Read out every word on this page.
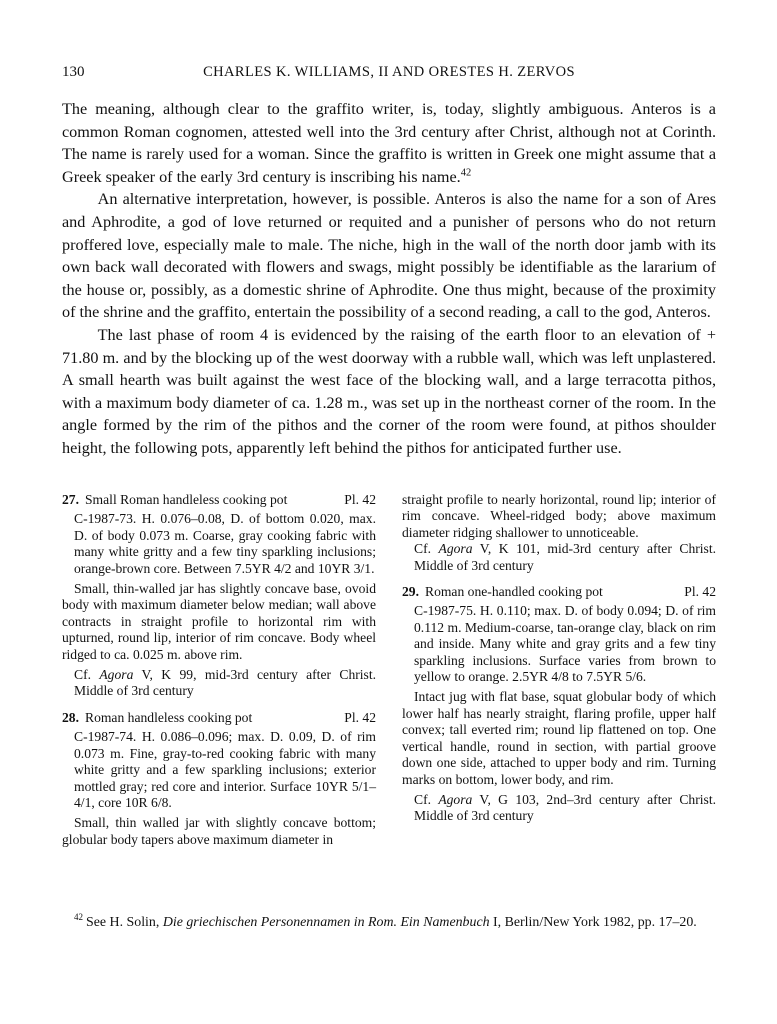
130	CHARLES K. WILLIAMS, II AND ORESTES H. ZERVOS

The meaning, although clear to the graffito writer, is, today, slightly ambiguous. Anteros is a common Roman cognomen, attested well into the 3rd century after Christ, although not at Corinth. The name is rarely used for a woman. Since the graffito is written in Greek one might assume that a Greek speaker of the early 3rd century is inscribing his name.$^{42}$

An alternative interpretation, however, is possible. Anteros is also the name for a son of Ares and Aphrodite, a god of love returned or requited and a punisher of persons who do not return proffered love, especially male to male. The niche, high in the wall of the north door jamb with its own back wall decorated with flowers and swags, might possibly be identifiable as the lararium of the house or, possibly, as a domestic shrine of Aphrodite. One thus might, because of the proximity of the shrine and the graffito, entertain the possibility of a second reading, a call to the god, Anteros.

The last phase of room 4 is evidenced by the raising of the earth floor to an elevation of + 71.80 m. and by the blocking up of the west doorway with a rubble wall, which was left unplastered. A small hearth was built against the west face of the blocking wall, and a large terracotta pithos, with a maximum body diameter of ca. 1.28 m., was set up in the northeast corner of the room. In the angle formed by the rim of the pithos and the corner of the room were found, at pithos shoulder height, the following pots, apparently left behind the pithos for anticipated further use.

27. Small Roman handleless cooking pot	Pl. 42

C-1987-73. H. 0.076–0.08, D. of bottom 0.020, max. D. of body 0.073 m. Coarse, gray cooking fabric with many white gritty and a few tiny sparkling inclusions; orange-brown core. Between 7.5YR 4/2 and 10YR 3/1.

Small, thin-walled jar has slightly concave base, ovoid body with maximum diameter below median; wall above contracts in straight profile to horizontal rim with upturned, round lip, interior of rim concave. Body wheel ridged to ca. 0.025 m. above rim.

Cf. Agora V, K 99, mid-3rd century after Christ. Middle of 3rd century

28. Roman handleless cooking pot	Pl. 42

C-1987-74. H. 0.086–0.096; max. D. 0.09, D. of rim 0.073 m. Fine, gray-to-red cooking fabric with many white gritty and a few sparkling inclusions; exterior mottled gray; red core and interior. Surface 10YR 5/1–4/1, core 10R 6/8.

Small, thin walled jar with slightly concave bottom; globular body tapers above maximum diameter in

straight profile to nearly horizontal, round lip; interior of rim concave. Wheel-ridged body; above maximum diameter ridging shallower to unnoticeable.

Cf. Agora V, K 101, mid-3rd century after Christ. Middle of 3rd century

29. Roman one-handled cooking pot	Pl. 42

C-1987-75. H. 0.110; max. D. of body 0.094; D. of rim 0.112 m. Medium-coarse, tan-orange clay, black on rim and inside. Many white and gray grits and a few tiny sparkling inclusions. Surface varies from brown to yellow to orange. 2.5YR 4/8 to 7.5YR 5/6.

Intact jug with flat base, squat globular body of which lower half has nearly straight, flaring profile, upper half convex; tall everted rim; round lip flattened on top. One vertical handle, round in section, with partial groove down one side, attached to upper body and rim. Turning marks on bottom, lower body, and rim.

Cf. Agora V, G 103, 2nd–3rd century after Christ. Middle of 3rd century

$^{42}$ See H. Solin, Die griechischen Personennamen in Rom. Ein Namenbuch I, Berlin/New York 1982, pp. 17–20.
